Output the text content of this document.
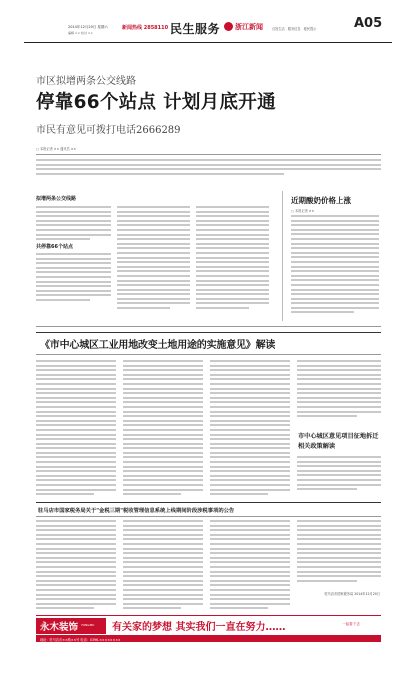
2014年12月20日 星期六
编辑 ×× 校对 ××
新闻热线 2858110 民生服务 浙江新闻	百姓生活 服务信息 便民提示	A05
市区拟增两条公交线路
停靠66个站点 计划月底开通
市民有意见可拨打电话2666289
□ 本报记者 ×× 通讯员 ××
拟增两条公交线路
共停靠66个站点
近期酸奶价格上涨
□ 本报记者 ××
《市中心城区工业用地改变土地用途的实施意见》解读
市中心城区意见项目征地拆迁相关政策解读
驻马店市国家税务局关于"金税三期"税收管理信息系统上线期间阶段涉税事项的公告
驻马店市国家税务局 2014年12月20日
永木装饰 YONGMU 有关家的梦想 其实我们一直在努力……	一起看下去
地址：驻马店市××路××号 电话：0396-××××××××
